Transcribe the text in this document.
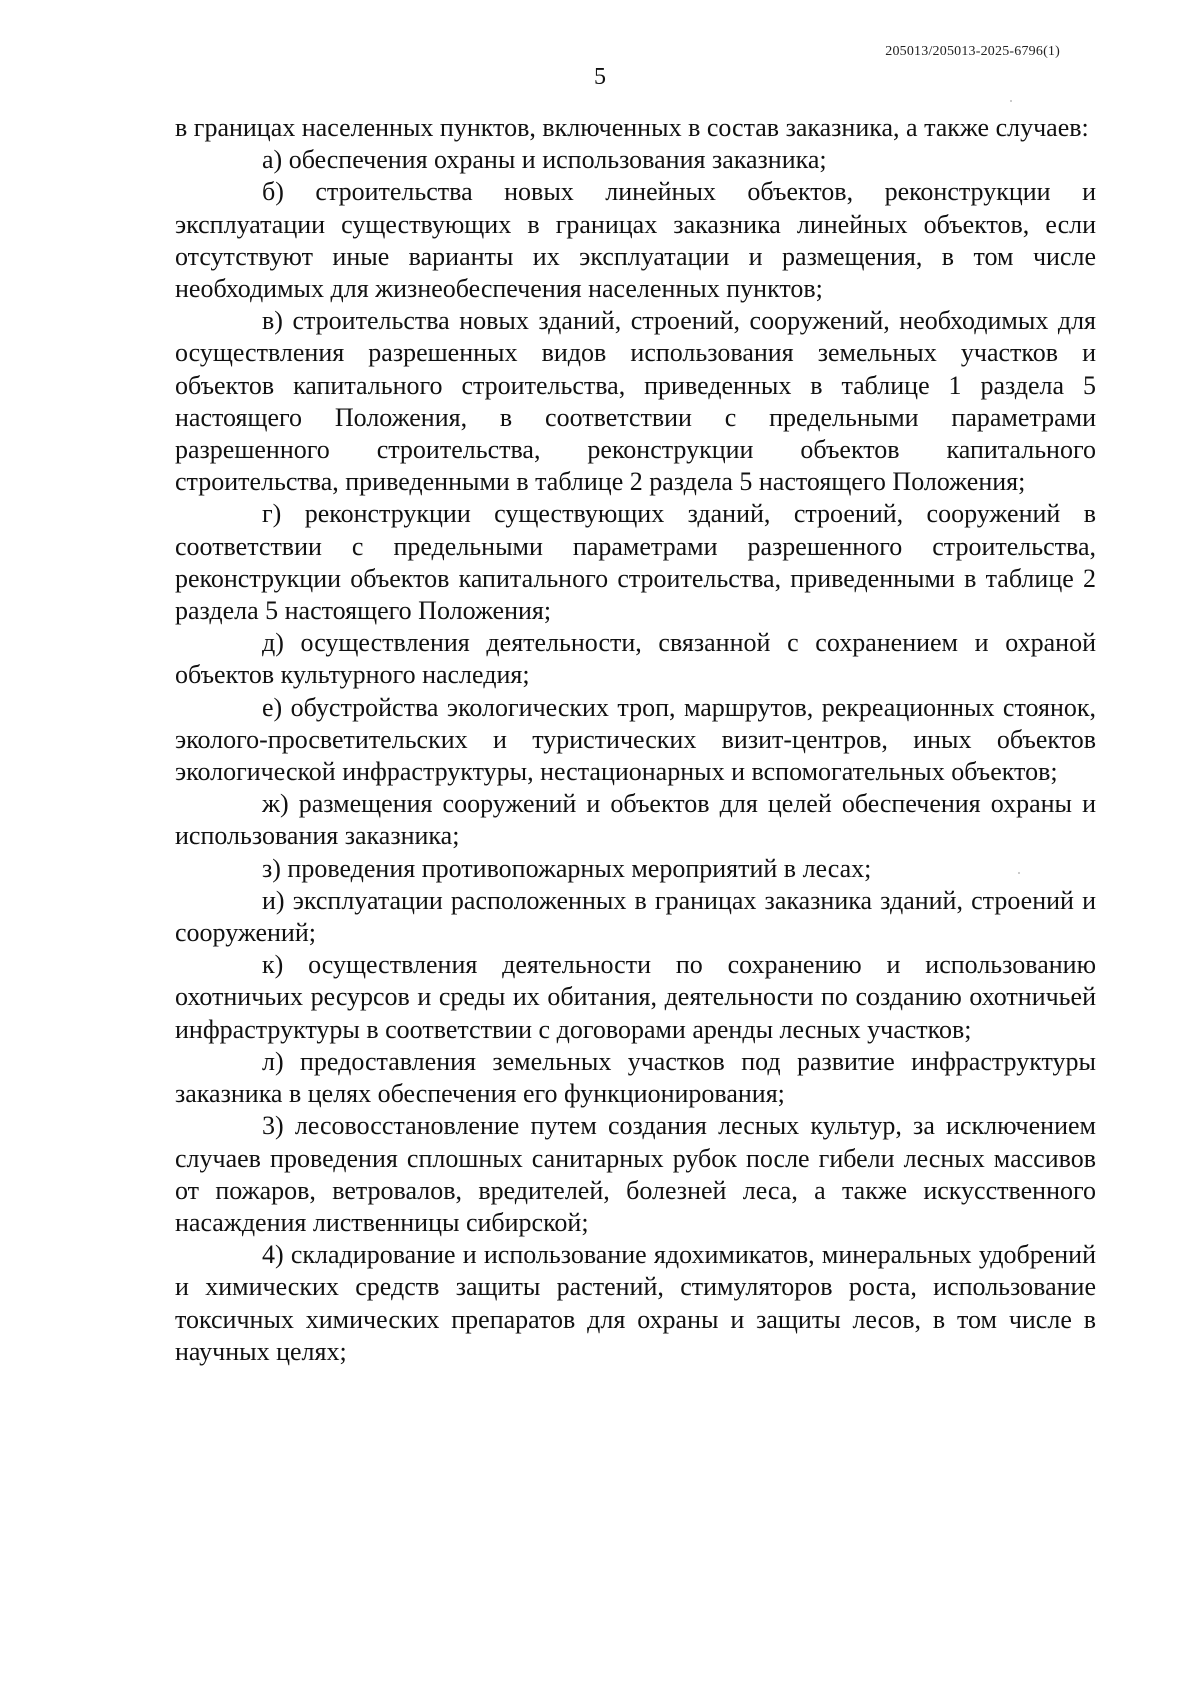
205013/205013-2025-6796(1)
5

в границах населенных пунктов, включенных в состав заказника, а также случаев:

а) обеспечения охраны и использования заказника;

б) строительства новых линейных объектов, реконструкции и эксплуатации существующих в границах заказника линейных объектов, если отсутствуют иные варианты их эксплуатации и размещения, в том числе необходимых для жизнеобеспечения населенных пунктов;

в) строительства новых зданий, строений, сооружений, необходимых для осуществления разрешенных видов использования земельных участков и объектов капитального строительства, приведенных в таблице 1 раздела 5 настоящего Положения, в соответствии с предельными параметрами разрешенного строительства, реконструкции объектов капитального строительства, приведенными в таблице 2 раздела 5 настоящего Положения;

г) реконструкции существующих зданий, строений, сооружений в соответствии с предельными параметрами разрешенного строительства, реконструкции объектов капитального строительства, приведенными в таблице 2 раздела 5 настоящего Положения;

д) осуществления деятельности, связанной с сохранением и охраной объектов культурного наследия;

е) обустройства экологических троп, маршрутов, рекреационных стоянок, эколого-просветительских и туристических визит-центров, иных объектов экологической инфраструктуры, нестационарных и вспомогательных объектов;

ж) размещения сооружений и объектов для целей обеспечения охраны и использования заказника;

з) проведения противопожарных мероприятий в лесах;

и) эксплуатации расположенных в границах заказника зданий, строений и сооружений;

к) осуществления деятельности по сохранению и использованию охотничьих ресурсов и среды их обитания, деятельности по созданию охотничьей инфраструктуры в соответствии с договорами аренды лесных участков;

л) предоставления земельных участков под развитие инфраструктуры заказника в целях обеспечения его функционирования;

3) лесовосстановление путем создания лесных культур, за исключением случаев проведения сплошных санитарных рубок после гибели лесных массивов от пожаров, ветровалов, вредителей, болезней леса, а также искусственного насаждения лиственницы сибирской;

4) складирование и использование ядохимикатов, минеральных удобрений и химических средств защиты растений, стимуляторов роста, использование токсичных химических препаратов для охраны и защиты лесов, в том числе в научных целях;
